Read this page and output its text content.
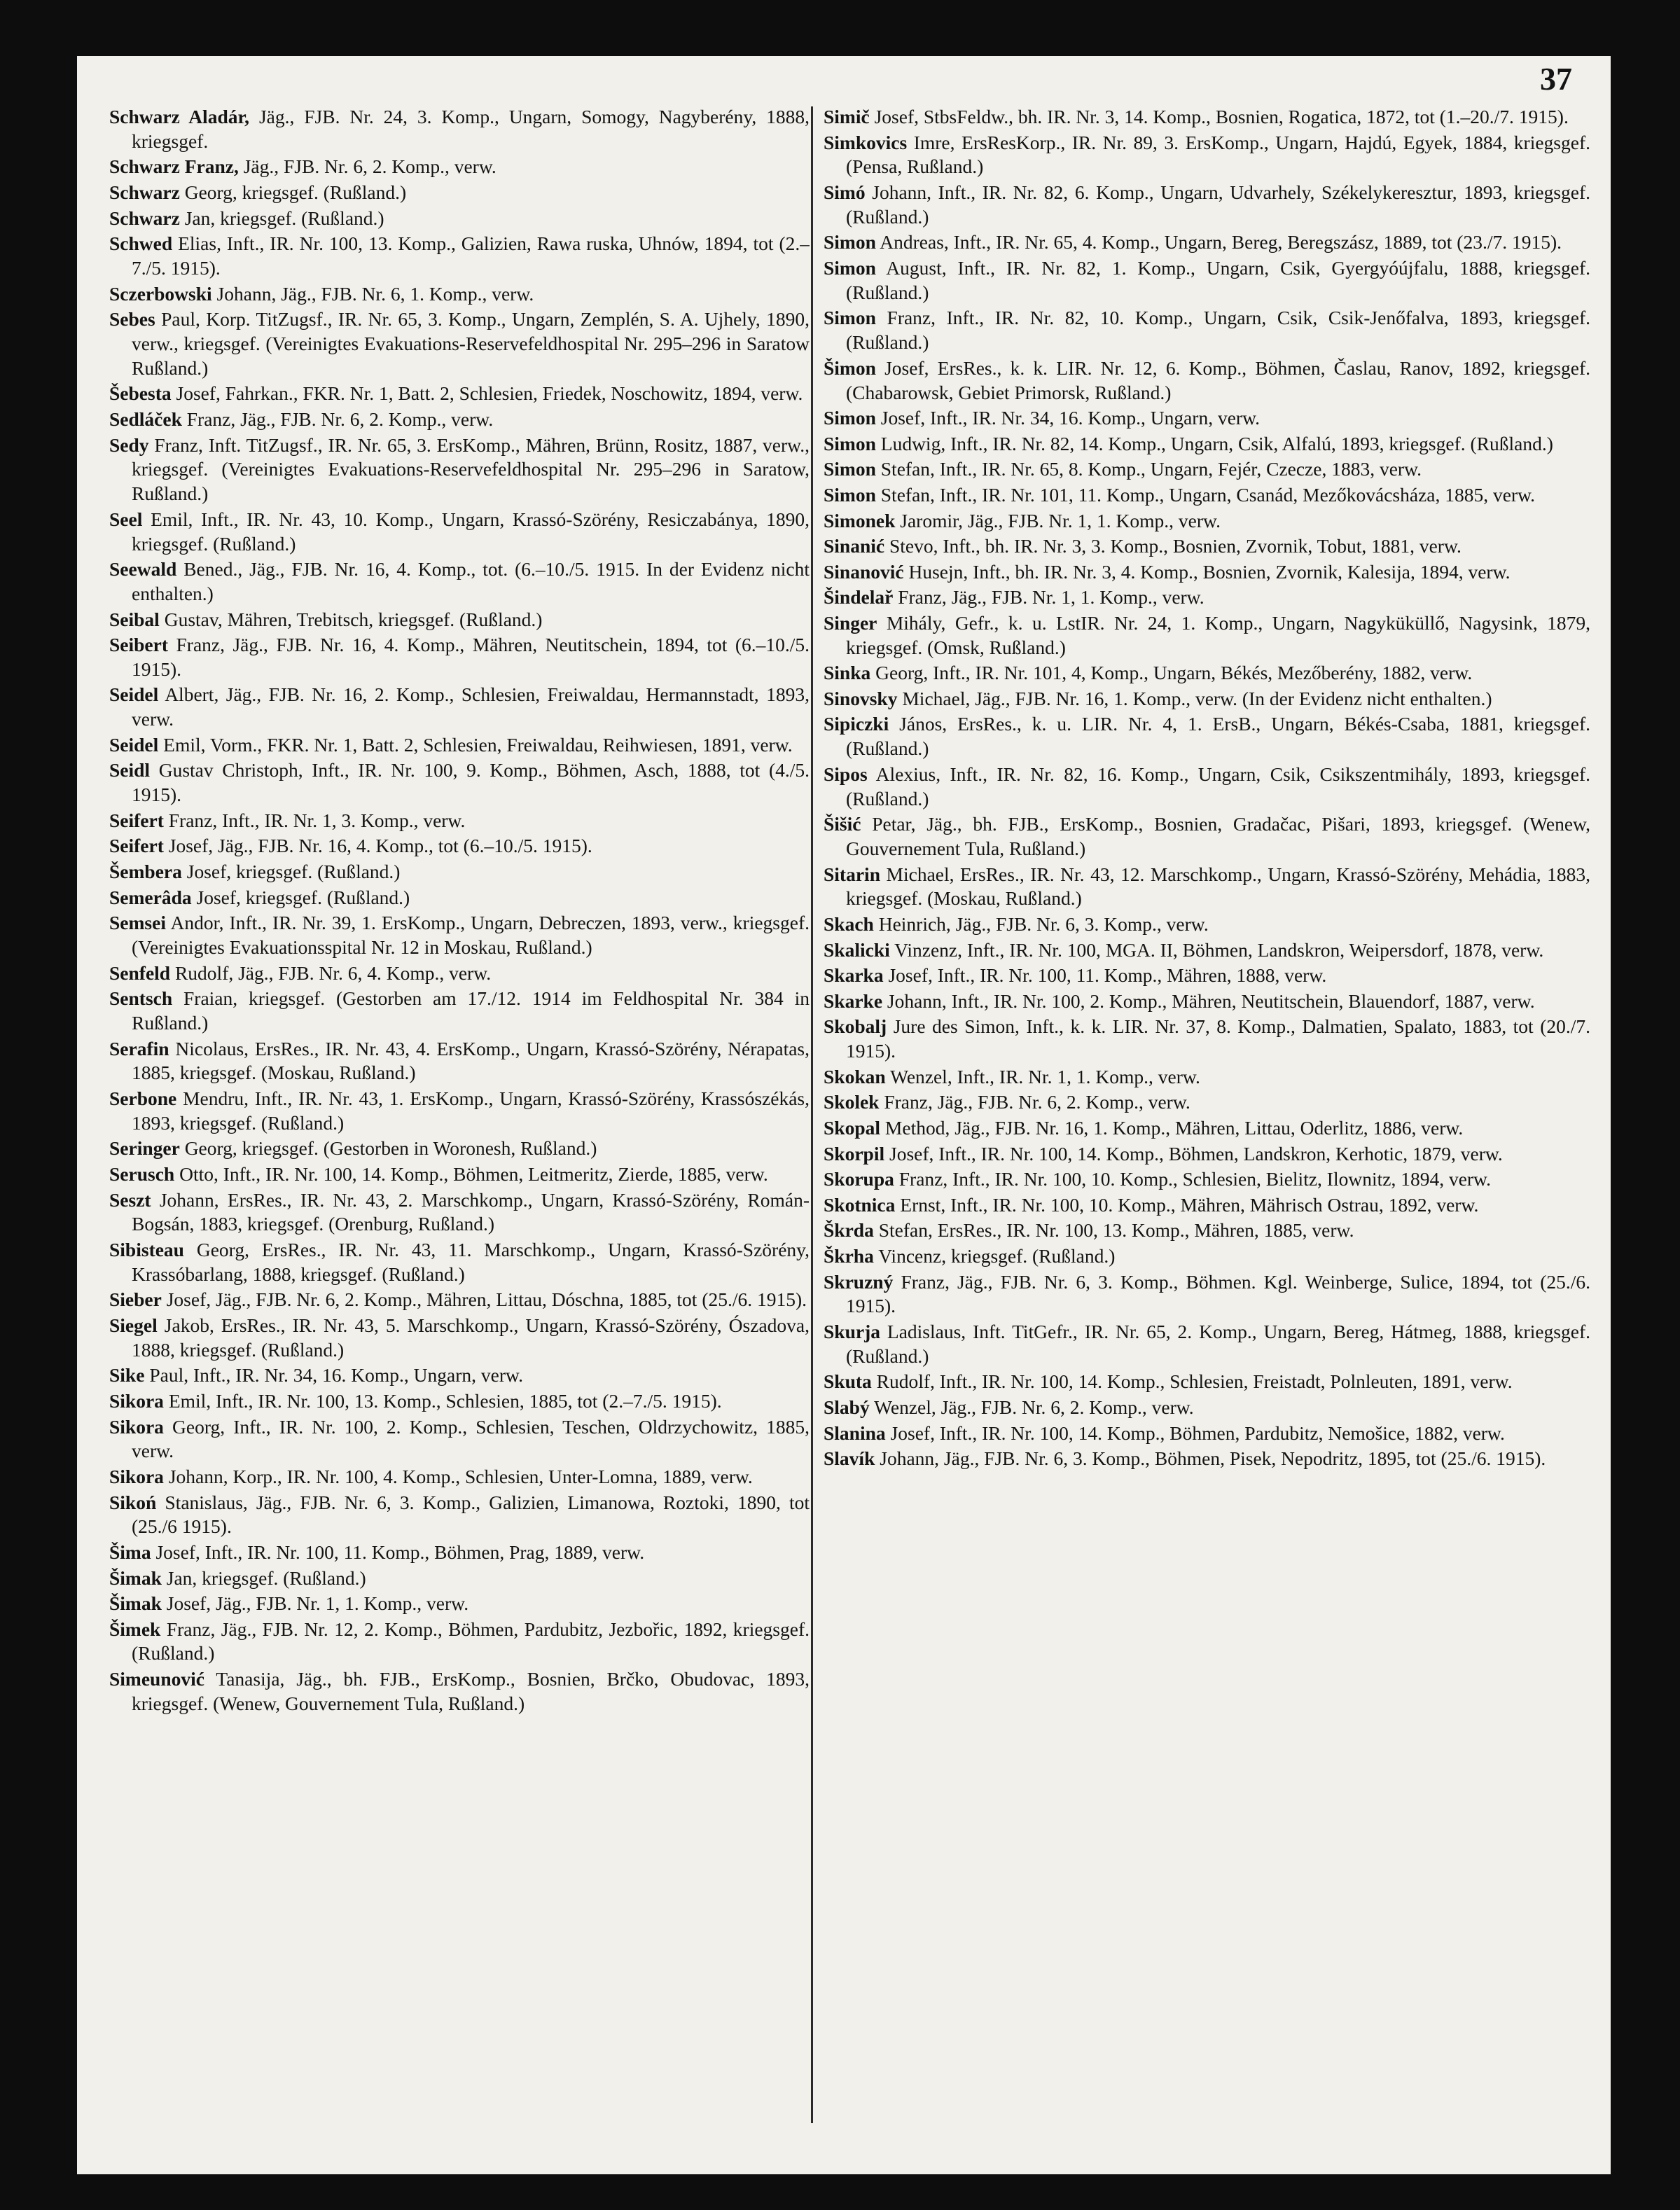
37

Schwarz Aladár, Jäg., FJB. Nr. 24, 3. Komp., Ungarn, Somogy, Nagyberény, 1888, kriegsgef.

Schwarz Franz, Jäg., FJB. Nr. 6, 2. Komp., verw.

Schwarz Georg, kriegsgef. (Rußland.)

Schwarz Jan, kriegsgef. (Rußland.)

Schwed Elias, Inft., IR. Nr. 100, 13. Komp., Galizien, Rawa ruska, Uhnów, 1894, tot (2.–7./5. 1915).

Sczerbowski Johann, Jäg., FJB. Nr. 6, 1. Komp., verw.

Sebes Paul, Korp. TitZugsf., IR. Nr. 65, 3. Komp., Ungarn, Zemplén, S. A. Ujhely, 1890, verw., kriegsgef. (Vereinigtes Evakuations-Reservefeldhospital Nr. 295–296 in Saratow Rußland.)

Šebesta Josef, Fahrkan., FKR. Nr. 1, Batt. 2, Schlesien, Friedek, Noschowitz, 1894, verw.

Sedláček Franz, Jäg., FJB. Nr. 6, 2. Komp., verw.

Sedy Franz, Inft. TitZugsf., IR. Nr. 65, 3. ErsKomp., Mähren, Brünn, Rositz, 1887, verw., kriegsgef. (Vereinigtes Evakuations-Reservefeldhospital Nr. 295–296 in Saratow, Rußland.)

Seel Emil, Inft., IR. Nr. 43, 10. Komp., Ungarn, Krassó-Szörény, Resiczabánya, 1890, kriegsgef. (Rußland.)

Seewald Bened., Jäg., FJB. Nr. 16, 4. Komp., tot. (6.–10./5. 1915. In der Evidenz nicht enthalten.)

Seibal Gustav, Mähren, Trebitsch, kriegsgef. (Rußland.)

Seibert Franz, Jäg., FJB. Nr. 16, 4. Komp., Mähren, Neutitschein, 1894, tot (6.–10./5. 1915).

Seidel Albert, Jäg., FJB. Nr. 16, 2. Komp., Schlesien, Freiwaldau, Hermannstadt, 1893, verw.

Seidel Emil, Vorm., FKR. Nr. 1, Batt. 2, Schlesien, Freiwaldau, Reihwiesen, 1891, verw.

Seidl Gustav Christoph, Inft., IR. Nr. 100, 9. Komp., Böhmen, Asch, 1888, tot (4./5. 1915).

Seifert Franz, Inft., IR. Nr. 1, 3. Komp., verw.

Seifert Josef, Jäg., FJB. Nr. 16, 4. Komp., tot (6.–10./5. 1915).

Šembera Josef, kriegsgef. (Rußland.)

Semerâda Josef, kriegsgef. (Rußland.)

Semsei Andor, Inft., IR. Nr. 39, 1. ErsKomp., Ungarn, Debreczen, 1893, verw., kriegsgef. (Vereinigtes Evakuationsspital Nr. 12 in Moskau, Rußland.)

Senfeld Rudolf, Jäg., FJB. Nr. 6, 4. Komp., verw.

Sentsch Fraian, kriegsgef. (Gestorben am 17./12. 1914 im Feldhospital Nr. 384 in Rußland.)

Serafin Nicolaus, ErsRes., IR. Nr. 43, 4. ErsKomp., Ungarn, Krassó-Szörény, Nérapatas, 1885, kriegsgef. (Moskau, Rußland.)

Serbone Mendru, Inft., IR. Nr. 43, 1. ErsKomp., Ungarn, Krassó-Szörény, Krassószékás, 1893, kriegsgef. (Rußland.)

Seringer Georg, kriegsgef. (Gestorben in Woronesh, Rußland.)

Serusch Otto, Inft., IR. Nr. 100, 14. Komp., Böhmen, Leitmeritz, Zierde, 1885, verw.

Seszt Johann, ErsRes., IR. Nr. 43, 2. Marschkomp., Ungarn, Krassó-Szörény, Román-Bogsán, 1883, kriegsgef. (Orenburg, Rußland.)

Sibisteau Georg, ErsRes., IR. Nr. 43, 11. Marschkomp., Ungarn, Krassó-Szörény, Krassóbarlang, 1888, kriegsgef. (Rußland.)

Sieber Josef, Jäg., FJB. Nr. 6, 2. Komp., Mähren, Littau, Dóschna, 1885, tot (25./6. 1915).

Siegel Jakob, ErsRes., IR. Nr. 43, 5. Marschkomp., Ungarn, Krassó-Szörény, Ószadova, 1888, kriegsgef. (Rußland.)

Sike Paul, Inft., IR. Nr. 34, 16. Komp., Ungarn, verw.

Sikora Emil, Inft., IR. Nr. 100, 13. Komp., Schlesien, 1885, tot (2.–7./5. 1915).

Sikora Georg, Inft., IR. Nr. 100, 2. Komp., Schlesien, Teschen, Oldrzychowitz, 1885, verw.

Sikora Johann, Korp., IR. Nr. 100, 4. Komp., Schlesien, Unter-Lomna, 1889, verw.

Sikoń Stanislaus, Jäg., FJB. Nr. 6, 3. Komp., Galizien, Limanowa, Roztoki, 1890, tot (25./6 1915).

Šima Josef, Inft., IR. Nr. 100, 11. Komp., Böhmen, Prag, 1889, verw.

Šimak Jan, kriegsgef. (Rußland.)

Šimak Josef, Jäg., FJB. Nr. 1, 1. Komp., verw.

Šimek Franz, Jäg., FJB. Nr. 12, 2. Komp., Böhmen, Pardubitz, Jezbořic, 1892, kriegsgef. (Rußland.)

Simeunović Tanasija, Jäg., bh. FJB., ErsKomp., Bosnien, Brčko, Obudovac, 1893, kriegsgef. (Wenew, Gouvernement Tula, Rußland.)

Simič Josef, StbsFeldw., bh. IR. Nr. 3, 14. Komp., Bosnien, Rogatica, 1872, tot (1.–20./7. 1915).

Simkovics Imre, ErsResKorp., IR. Nr. 89, 3. ErsKomp., Ungarn, Hajdú, Egyek, 1884, kriegsgef. (Pensa, Rußland.)

Simó Johann, Inft., IR. Nr. 82, 6. Komp., Ungarn, Udvarhely, Székelykeresztur, 1893, kriegsgef. (Rußland.)

Simon Andreas, Inft., IR. Nr. 65, 4. Komp., Ungarn, Bereg, Beregszász, 1889, tot (23./7. 1915).

Simon August, Inft., IR. Nr. 82, 1. Komp., Ungarn, Csik, Gyergyóújfalu, 1888, kriegsgef. (Rußland.)

Simon Franz, Inft., IR. Nr. 82, 10. Komp., Ungarn, Csik, Csik-Jenőfalva, 1893, kriegsgef. (Rußland.)

Šimon Josef, ErsRes., k. k. LIR. Nr. 12, 6. Komp., Böhmen, Časlau, Ranov, 1892, kriegsgef. (Chabarowsk, Gebiet Primorsk, Rußland.)

Simon Josef, Inft., IR. Nr. 34, 16. Komp., Ungarn, verw.

Simon Ludwig, Inft., IR. Nr. 82, 14. Komp., Ungarn, Csik, Alfalú, 1893, kriegsgef. (Rußland.)

Simon Stefan, Inft., IR. Nr. 65, 8. Komp., Ungarn, Fejér, Czecze, 1883, verw.

Simon Stefan, Inft., IR. Nr. 101, 11. Komp., Ungarn, Csanád, Mezőkovácsháza, 1885, verw.

Simonek Jaromir, Jäg., FJB. Nr. 1, 1. Komp., verw.

Sinanić Stevo, Inft., bh. IR. Nr. 3, 3. Komp., Bosnien, Zvornik, Tobut, 1881, verw.

Sinanović Husejn, Inft., bh. IR. Nr. 3, 4. Komp., Bosnien, Zvornik, Kalesija, 1894, verw.

Šindelař Franz, Jäg., FJB. Nr. 1, 1. Komp., verw.

Singer Mihály, Gefr., k. u. LstIR. Nr. 24, 1. Komp., Ungarn, Nagyküküllő, Nagysink, 1879, kriegsgef. (Omsk, Rußland.)

Sinka Georg, Inft., IR. Nr. 101, 4, Komp., Ungarn, Békés, Mezőberény, 1882, verw.

Sinovsky Michael, Jäg., FJB. Nr. 16, 1. Komp., verw. (In der Evidenz nicht enthalten.)

Sipiczki János, ErsRes., k. u. LIR. Nr. 4, 1. ErsB., Ungarn, Békés-Csaba, 1881, kriegsgef. (Rußland.)

Sipos Alexius, Inft., IR. Nr. 82, 16. Komp., Ungarn, Csik, Csikszentmihály, 1893, kriegsgef. (Rußland.)

Šišić Petar, Jäg., bh. FJB., ErsKomp., Bosnien, Gradačac, Pišari, 1893, kriegsgef. (Wenew, Gouvernement Tula, Rußland.)

Sitarin Michael, ErsRes., IR. Nr. 43, 12. Marschkomp., Ungarn, Krassó-Szörény, Mehádia, 1883, kriegsgef. (Moskau, Rußland.)

Skach Heinrich, Jäg., FJB. Nr. 6, 3. Komp., verw.

Skalicki Vinzenz, Inft., IR. Nr. 100, MGA. II, Böhmen, Landskron, Weipersdorf, 1878, verw.

Skarka Josef, Inft., IR. Nr. 100, 11. Komp., Mähren, 1888, verw.

Skarke Johann, Inft., IR. Nr. 100, 2. Komp., Mähren, Neutitschein, Blauendorf, 1887, verw.

Skobalj Jure des Simon, Inft., k. k. LIR. Nr. 37, 8. Komp., Dalmatien, Spalato, 1883, tot (20./7. 1915).

Skokan Wenzel, Inft., IR. Nr. 1, 1. Komp., verw.

Skolek Franz, Jäg., FJB. Nr. 6, 2. Komp., verw.

Skopal Method, Jäg., FJB. Nr. 16, 1. Komp., Mähren, Littau, Oderlitz, 1886, verw.

Skorpil Josef, Inft., IR. Nr. 100, 14. Komp., Böhmen, Landskron, Kerhotic, 1879, verw.

Skorupa Franz, Inft., IR. Nr. 100, 10. Komp., Schlesien, Bielitz, Ilownitz, 1894, verw.

Skotnica Ernst, Inft., IR. Nr. 100, 10. Komp., Mähren, Mährisch Ostrau, 1892, verw.

Škrda Stefan, ErsRes., IR. Nr. 100, 13. Komp., Mähren, 1885, verw.

Škrha Vincenz, kriegsgef. (Rußland.)

Skruzný Franz, Jäg., FJB. Nr. 6, 3. Komp., Böhmen. Kgl. Weinberge, Sulice, 1894, tot (25./6. 1915).

Skurja Ladislaus, Inft. TitGefr., IR. Nr. 65, 2. Komp., Ungarn, Bereg, Hátmeg, 1888, kriegsgef. (Rußland.)

Skuta Rudolf, Inft., IR. Nr. 100, 14. Komp., Schlesien, Freistadt, Polnleuten, 1891, verw.

Slabý Wenzel, Jäg., FJB. Nr. 6, 2. Komp., verw.

Slanina Josef, Inft., IR. Nr. 100, 14. Komp., Böhmen, Pardubitz, Nemošice, 1882, verw.

Slavík Johann, Jäg., FJB. Nr. 6, 3. Komp., Böhmen, Pisek, Nepodritz, 1895, tot (25./6. 1915).
